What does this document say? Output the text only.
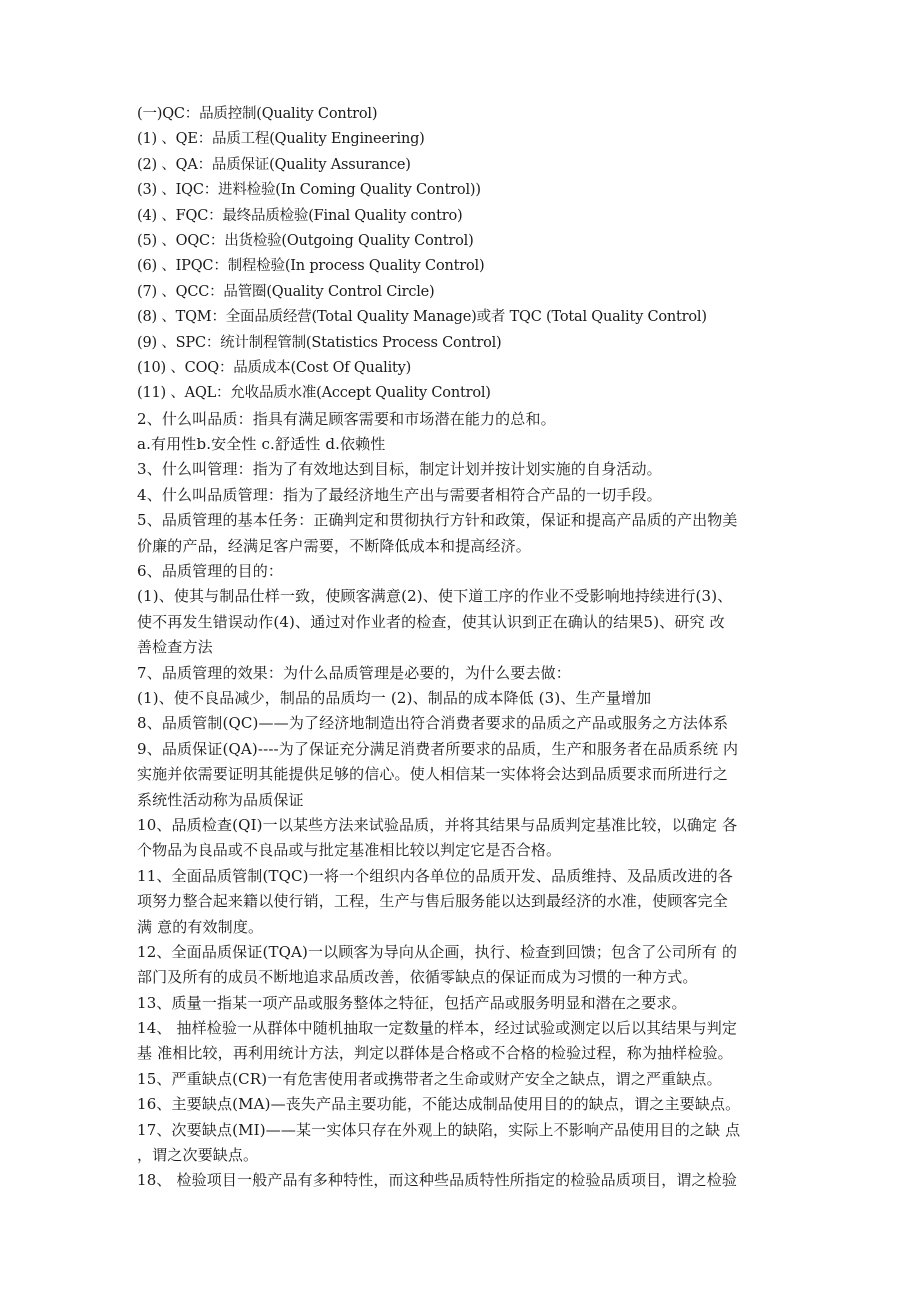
(一)QC：品质控制(Quality Control)
(1) 、QE：品质工程(Quality Engineering)
(2) 、QA：品质保证(Quality Assurance)
(3) 、IQC：进料检验(In Coming Quality Control))
(4) 、FQC：最终品质检验(Final Quality contro)
(5) 、OQC：出货检验(Outgoing Quality Control)
(6) 、IPQC：制程检验(In process Quality Control)
(7) 、QCC：品管圈(Quality Control Circle)
(8) 、TQM：全面品质经营(Total Quality Manage)或者 TQC (Total Quality Control)
(9) 、SPC：统计制程管制(Statistics Process Control)
(10) 、COQ：品质成本(Cost Of Quality)
(11) 、AQL：允收品质水准(Accept Quality Control)
2、什么叫品质：指具有满足顾客需要和市场潜在能力的总和。
a.有用性b.安全性 c.舒适性 d.依赖性
3、什么叫管理：指为了有效地达到目标，制定计划并按计划实施的自身活动。
4、什么叫品质管理：指为了最经济地生产出与需要者相符合产品的一切手段。
5、品质管理的基本任务：正确判定和贯彻执行方针和政策，保证和提高产品质的产出物美
价廉的产品，经满足客户需要，不断降低成本和提高经济。
6、品质管理的目的：
(1)、使其与制品仕样一致，使顾客满意(2)、使下道工序的作业不受影响地持续进行(3)、
使不再发生错误动作(4)、通过对作业者的检查，使其认识到正在确认的结果5)、研究 改
善检查方法
7、品质管理的效果：为什么品质管理是必要的，为什么要去做：
(1)、使不良品减少，制品的品质均一 (2)、制品的成本降低 (3)、生产量增加
8、品质管制(QC)——为了经济地制造出符合消费者要求的品质之产品或服务之方法体系
9、品质保证(QA)----为了保证充分满足消费者所要求的品质，生产和服务者在品质系统 内
实施并依需要证明其能提供足够的信心。使人相信某一实体将会达到品质要求而所进行之
系统性活动称为品质保证
10、品质检查(QI)一以某些方法来试验品质，并将其结果与品质判定基准比较，以确定 各
个物品为良品或不良品或与批定基准相比较以判定它是否合格。
11、全面品质管制(TQC)一将一个组织内各单位的品质开发、品质维持、及品质改进的各
项努力整合起来籍以使行销，工程，生产与售后服务能以达到最经济的水准，使顾客完全
满 意的有效制度。
12、全面品质保证(TQA)一以顾客为导向从企画，执行、检查到回馈；包含了公司所有 的
部门及所有的成员不断地追求品质改善，依循零缺点的保证而成为习惯的一种方式。
13、质量一指某一项产品或服务整体之特征，包括产品或服务明显和潜在之要求。
14、 抽样检验一从群体中随机抽取一定数量的样本，经过试验或测定以后以其结果与判定
基 准相比较，再利用统计方法，判定以群体是合格或不合格的检验过程，称为抽样检验。
15、严重缺点(CR)一有危害使用者或携带者之生命或财产安全之缺点，谓之严重缺点。
16、主要缺点(MA)—丧失产品主要功能，不能达成制品使用目的的缺点，谓之主要缺点。
17、次要缺点(MI)——某一实体只存在外观上的缺陷，实际上不影响产品使用目的之缺 点
，谓之次要缺点。
18、 检验项目一般产品有多种特性，而这种些品质特性所指定的检验品质项目，谓之检验
